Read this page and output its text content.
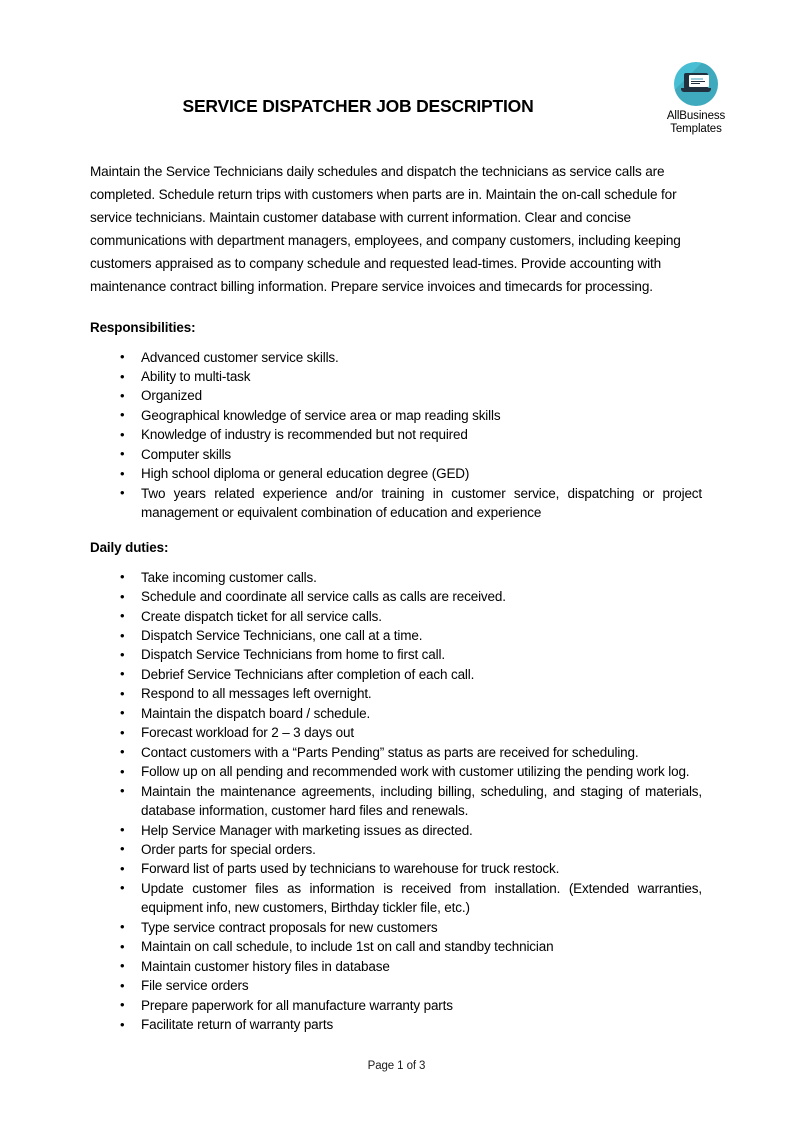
AllBusiness
Templates
SERVICE DISPATCHER JOB DESCRIPTION

Maintain the Service Technicians daily schedules and dispatch the technicians as service calls are completed. Schedule return trips with customers when parts are in. Maintain the on-call schedule for service technicians. Maintain customer database with current information. Clear and concise communications with department managers, employees, and company customers, including keeping customers appraised as to company schedule and requested lead-times. Provide accounting with maintenance contract billing information. Prepare service invoices and timecards for processing.

Responsibilities:

• Advanced customer service skills.
• Ability to multi-task
• Organized
• Geographical knowledge of service area or map reading skills
• Knowledge of industry is recommended but not required
• Computer skills
• High school diploma or general education degree (GED)
• Two years related experience and/or training in customer service, dispatching or project management or equivalent combination of education and experience

Daily duties:

• Take incoming customer calls.
• Schedule and coordinate all service calls as calls are received.
• Create dispatch ticket for all service calls.
• Dispatch Service Technicians, one call at a time.
• Dispatch Service Technicians from home to first call.
• Debrief Service Technicians after completion of each call.
• Respond to all messages left overnight.
• Maintain the dispatch board / schedule.
• Forecast workload for 2 – 3 days out
• Contact customers with a “Parts Pending” status as parts are received for scheduling.
• Follow up on all pending and recommended work with customer utilizing the pending work log.
• Maintain the maintenance agreements, including billing, scheduling, and staging of materials, database information, customer hard files and renewals.
• Help Service Manager with marketing issues as directed.
• Order parts for special orders.
• Forward list of parts used by technicians to warehouse for truck restock.
• Update customer files as information is received from installation. (Extended warranties, equipment info, new customers, Birthday tickler file, etc.)
• Type service contract proposals for new customers
• Maintain on call schedule, to include 1st on call and standby technician
• Maintain customer history files in database
• File service orders
• Prepare paperwork for all manufacture warranty parts
• Facilitate return of warranty parts
Page 1 of 3
